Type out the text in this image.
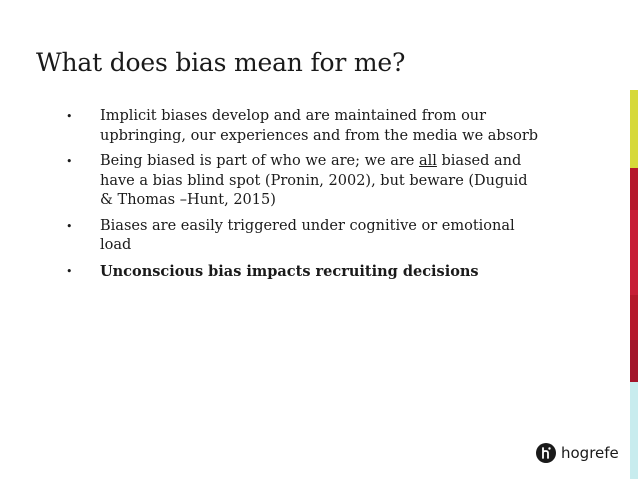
What does bias mean for me?
• Implicit biases develop and are maintained from our upbringing, our experiences and from the media we absorb
• Being biased is part of who we are; we are all biased and have a bias blind spot (Pronin, 2002), but beware (Duguid & Thomas –Hunt, 2015)
• Biases are easily triggered under cognitive or emotional load
• Unconscious bias impacts recruiting decisions
hogrefe
